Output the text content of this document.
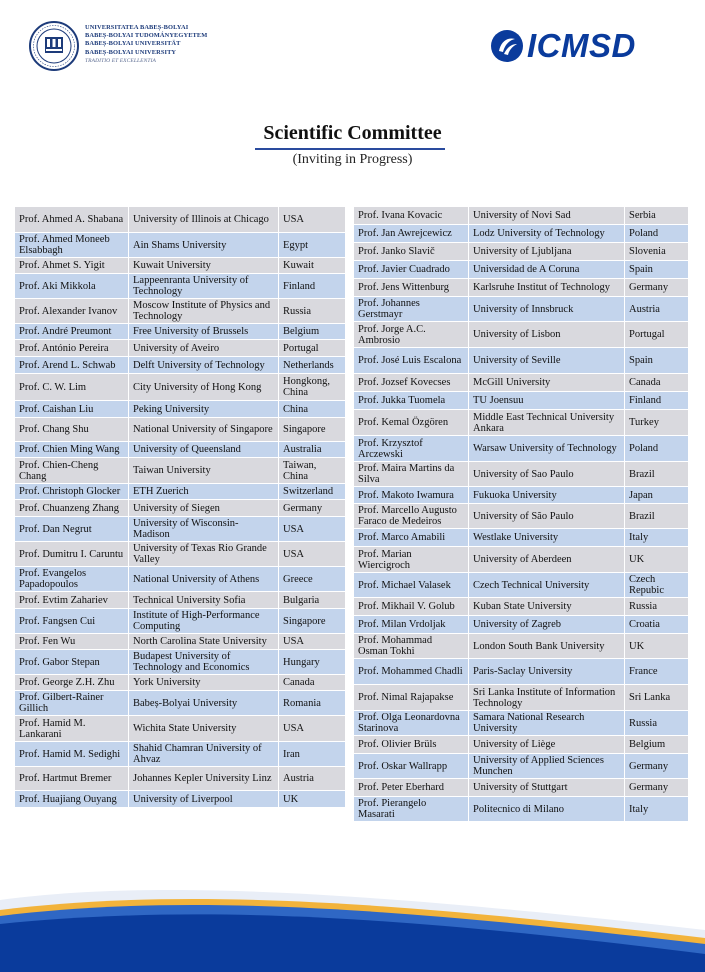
UNIVERSITATEA BABEȘ-BOLYAI
BABEȘ-BOLYAI TUDOMÁNYEGYETEM
BABEȘ-BOLYAI UNIVERSITÄT
BABEȘ-BOLYAI UNIVERSITY
TRADITIO ET EXCELLENTIA	ICMSD
Scientific Committee
(Inviting in Progress)
Prof. Ahmed A. Shabana	University of Illinois at Chicago	USA
Prof. Ahmed Moneeb Elsabbagh	Ain Shams University	Egypt
Prof. Ahmet S. Yigit	Kuwait University	Kuwait
Prof. Aki Mikkola	Lappeenranta University of Technology	Finland
Prof. Alexander Ivanov	Moscow Institute of Physics and Technology	Russia
Prof. André Preumont	Free University of Brussels	Belgium
Prof. António Pereira	University of Aveiro	Portugal
Prof. Arend L. Schwab	Delft University of Technology	Netherlands
Prof. C. W. Lim	City University of Hong Kong	Hongkong, China
Prof. Caishan Liu	Peking University	China
Prof. Chang Shu	National University of Singapore	Singapore
Prof. Chien Ming Wang	University of Queensland	Australia
Prof. Chien-Cheng Chang	Taiwan University	Taiwan, China
Prof. Christoph Glocker	ETH Zuerich	Switzerland
Prof. Chuanzeng Zhang	University of Siegen	Germany
Prof. Dan Negrut	University of Wisconsin-Madison	USA
Prof. Dumitru I. Caruntu	University of Texas Rio Grande Valley	USA
Prof. Evangelos Papadopoulos	National University of Athens	Greece
Prof. Evtim Zahariev	Technical University Sofia	Bulgaria
Prof. Fangsen Cui	Institute of High-Performance Computing	Singapore
Prof. Fen Wu	North Carolina State University	USA
Prof. Gabor Stepan	Budapest University of Technology and Economics	Hungary
Prof. George Z.H. Zhu	York University	Canada
Prof. Gilbert-Rainer Gillich	Babeș-Bolyai University	Romania
Prof. Hamid M. Lankarani	Wichita State University	USA
Prof. Hamid M. Sedighi	Shahid Chamran University of Ahvaz	Iran
Prof. Hartmut Bremer	Johannes Kepler University Linz	Austria
Prof. Huajiang Ouyang	University of Liverpool	UK
Prof. Ivana Kovacic	University of Novi Sad	Serbia
Prof. Jan Awrejcewicz	Lodz University of Technology	Poland
Prof. Janko Slavič	University of Ljubljana	Slovenia
Prof. Javier Cuadrado	Universidad de A Coruna	Spain
Prof. Jens Wittenburg	Karlsruhe Institut of Technology	Germany
Prof. Johannes Gerstmayr	University of Innsbruck	Austria
Prof. Jorge A.C. Ambrosio	University of Lisbon	Portugal
Prof. José Luis Escalona	University of Seville	Spain
Prof. Jozsef Kovecses	McGill University	Canada
Prof. Jukka Tuomela	TU Joensuu	Finland
Prof. Kemal Özgören	Middle East Technical University Ankara	Turkey
Prof. Krzysztof Arczewski	Warsaw University of Technology	Poland
Prof. Maira Martins da Silva	University of Sao Paulo	Brazil
Prof. Makoto Iwamura	Fukuoka University	Japan
Prof. Marcello Augusto Faraco de Medeiros	University of São Paulo	Brazil
Prof. Marco Amabili	Westlake University	Italy
Prof. Marian Wiercigroch	University of Aberdeen	UK
Prof. Michael Valasek	Czech Technical University	Czech Repubic
Prof. Mikhail V. Golub	Kuban State University	Russia
Prof. Milan Vrdoljak	University of Zagreb	Croatia
Prof. Mohammad Osman Tokhi	London South Bank University	UK
Prof. Mohammed Chadli	Paris-Saclay University	France
Prof. Nimal Rajapakse	Sri Lanka Institute of Information Technology	Sri Lanka
Prof. Olga Leonardovna Starinova	Samara National Research University	Russia
Prof. Olivier Brüls	University of Liège	Belgium
Prof. Oskar Wallrapp	University of Applied Sciences Munchen	Germany
Prof. Peter Eberhard	University of Stuttgart	Germany
Prof. Pierangelo Masarati	Politecnico di Milano	Italy
